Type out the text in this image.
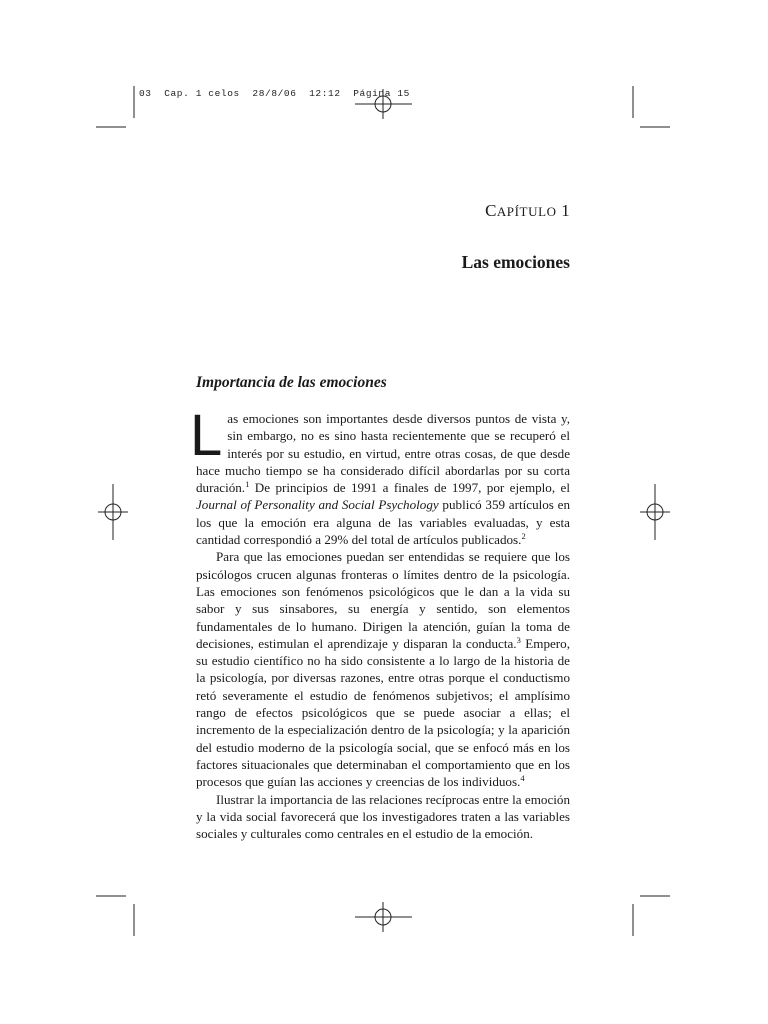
03  Cap. 1 celos  28/8/06  12:12  Página 15
CAPÍTULO 1
Las emociones
Importancia de las emociones

Las emociones son importantes desde diversos puntos de vista y, sin embargo, no es sino hasta recientemente que se recuperó el interés por su estudio, en virtud, entre otras cosas, de que desde hace mucho tiempo se ha considerado difícil abordarlas por su corta duración.$^1$ De principios de 1991 a finales de 1997, por ejemplo, el Journal of Personality and Social Psychology publicó 359 artículos en los que la emoción era alguna de las variables evaluadas, y esta cantidad correspondió a 29% del total de artículos publicados.$^2$

Para que las emociones puedan ser entendidas se requiere que los psicólogos crucen algunas fronteras o límites dentro de la psicología. Las emociones son fenómenos psicológicos que le dan a la vida su sabor y sus sinsabores, su energía y sentido, son elementos fundamentales de lo humano. Dirigen la atención, guían la toma de decisiones, estimulan el aprendizaje y disparan la conducta.$^3$ Empero, su estudio científico no ha sido consistente a lo largo de la historia de la psicología, por diversas razones, entre otras porque el conductismo retó severamente el estudio de fenómenos subjetivos; el amplísimo rango de efectos psicológicos que se puede asociar a ellas; el incremento de la especialización dentro de la psicología; y la aparición del estudio moderno de la psicología social, que se enfocó más en los factores situacionales que determinaban el comportamiento que en los procesos que guían las acciones y creencias de los individuos.$^4$

Ilustrar la importancia de las relaciones recíprocas entre la emoción y la vida social favorecerá que los investigadores traten a las variables sociales y culturales como centrales en el estudio de la emoción.
